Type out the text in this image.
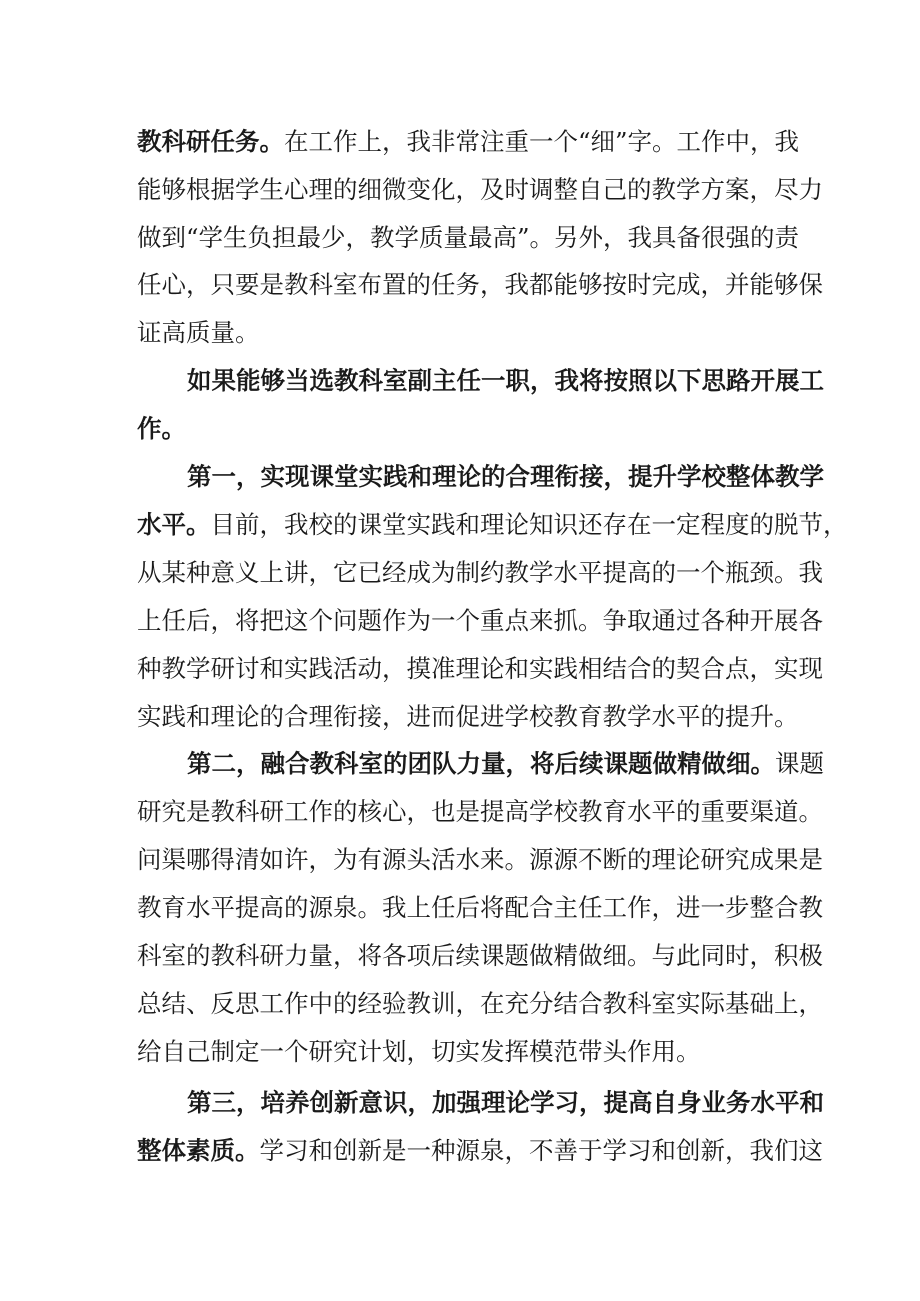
教科研任务。在工作上，我非常注重一个“细”字。工作中，我
能够根据学生心理的细微变化，及时调整自己的教学方案，尽力
做到“学生负担最少，教学质量最高”。另外，我具备很强的责
任心，只要是教科室布置的任务，我都能够按时完成，并能够保
证高质量。
如果能够当选教科室副主任一职，我将按照以下思路开展工
作。
第一，实现课堂实践和理论的合理衔接，提升学校整体教学
水平。目前，我校的课堂实践和理论知识还存在一定程度的脱节，
从某种意义上讲，它已经成为制约教学水平提高的一个瓶颈。我
上任后，将把这个问题作为一个重点来抓。争取通过各种开展各
种教学研讨和实践活动，摸准理论和实践相结合的契合点，实现
实践和理论的合理衔接，进而促进学校教育教学水平的提升。
第二，融合教科室的团队力量，将后续课题做精做细。课题
研究是教科研工作的核心，也是提高学校教育水平的重要渠道。
问渠哪得清如许，为有源头活水来。源源不断的理论研究成果是
教育水平提高的源泉。我上任后将配合主任工作，进一步整合教
科室的教科研力量，将各项后续课题做精做细。与此同时，积极
总结、反思工作中的经验教训，在充分结合教科室实际基础上，
给自己制定一个研究计划，切实发挥模范带头作用。
第三，培养创新意识，加强理论学习，提高自身业务水平和
整体素质。学习和创新是一种源泉，不善于学习和创新，我们这
